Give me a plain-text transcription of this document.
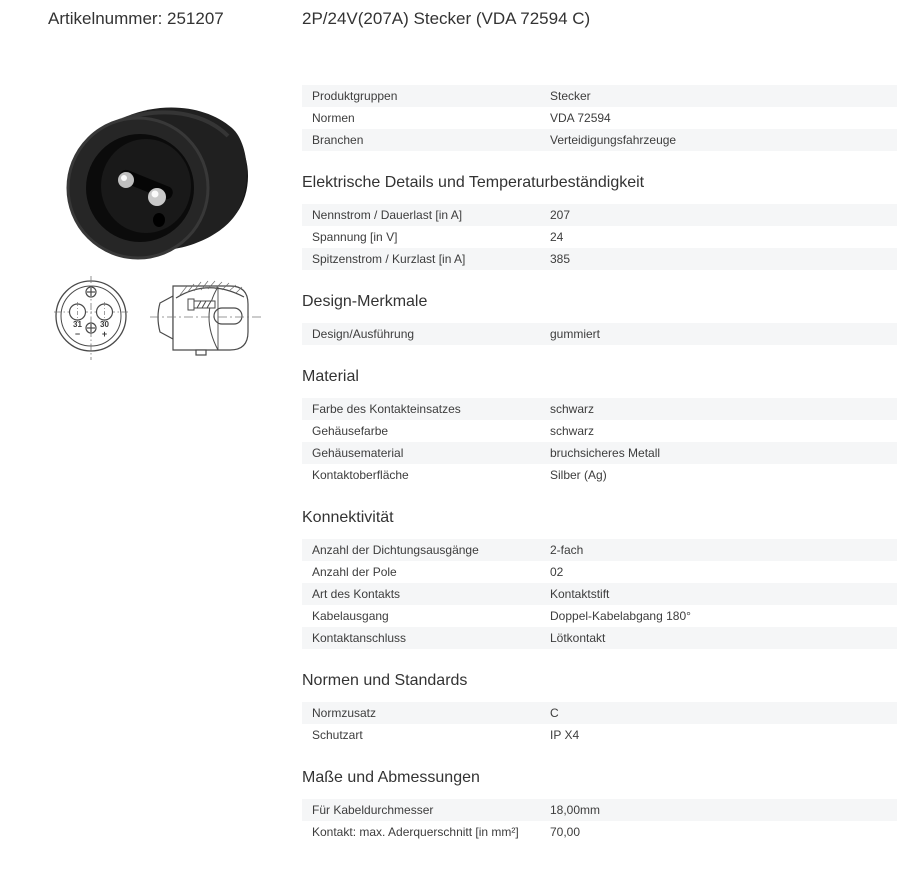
Artikelnummer: 251207	2P/24V(207A) Stecker (VDA 72594 C)
31 30
− +
Produktgruppen	Stecker
Normen	VDA 72594
Branchen	Verteidigungsfahrzeuge
Elektrische Details und Temperaturbeständigkeit
Nennstrom / Dauerlast [in A]	207
Spannung [in V]	24
Spitzenstrom / Kurzlast [in A]	385
Design-Merkmale
Design/Ausführung	gummiert
Material
Farbe des Kontakteinsatzes	schwarz
Gehäusefarbe	schwarz
Gehäusematerial	bruchsicheres Metall
Kontaktoberfläche	Silber (Ag)
Konnektivität
Anzahl der Dichtungsausgänge	2-fach
Anzahl der Pole	02
Art des Kontakts	Kontaktstift
Kabelausgang	Doppel-Kabelabgang 180°
Kontaktanschluss	Lötkontakt
Normen und Standards
Normzusatz	C
Schutzart	IP X4
Maße und Abmessungen
Für Kabeldurchmesser	18,00mm
Kontakt: max. Aderquerschnitt [in mm²]	70,00
